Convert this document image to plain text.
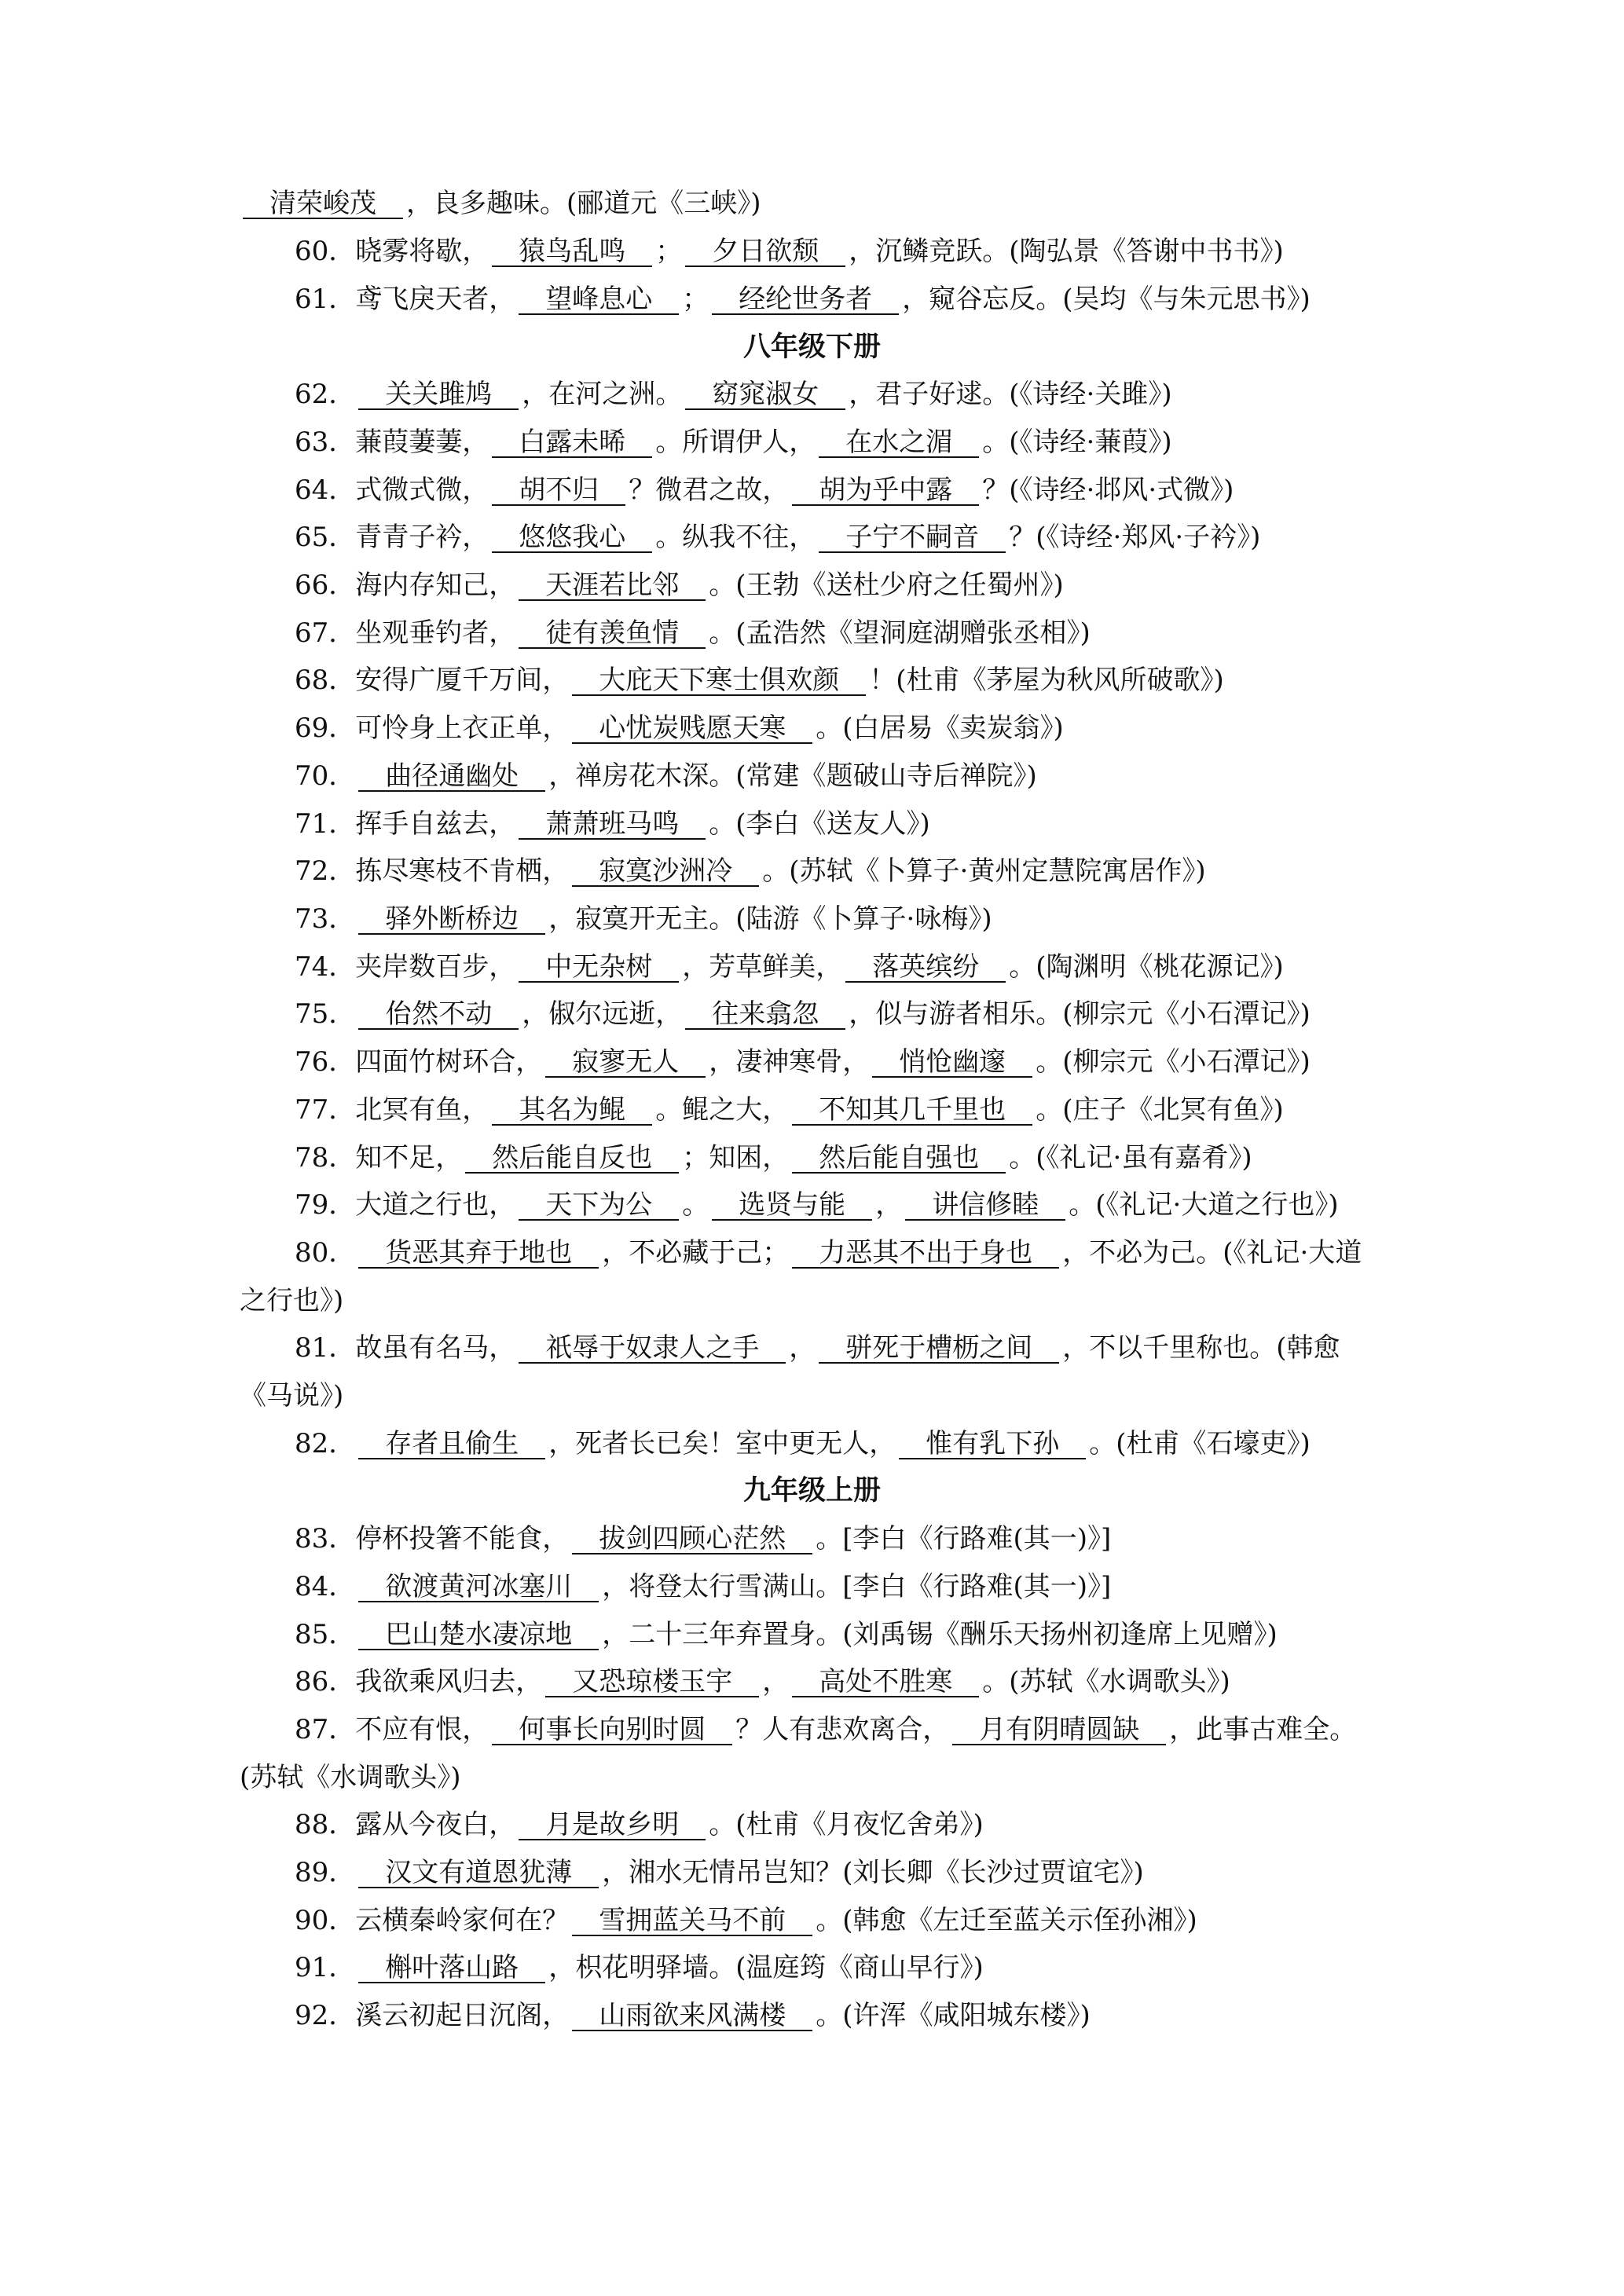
清荣峻茂 ，良多趣味。(郦道元《三峡》)
60．晓雾将歇， 猿鸟乱鸣 ； 夕日欲颓 ，沉鳞竞跃。(陶弘景《答谢中书书》)
61．鸢飞戾天者， 望峰息心 ； 经纶世务者 ，窥谷忘反。(吴均《与朱元思书》)
八年级下册
62． 关关雎鸠 ，在河之洲。 窈窕淑女 ，君子好逑。(《诗经·关雎》)
63．蒹葭萋萋， 白露未晞 。所谓伊人， 在水之湄 。(《诗经·蒹葭》)
64．式微式微， 胡不归 ？微君之故， 胡为乎中露 ？(《诗经·邶风·式微》)
65．青青子衿， 悠悠我心 。纵我不往， 子宁不嗣音 ？(《诗经·郑风·子衿》)
66．海内存知己， 天涯若比邻 。(王勃《送杜少府之任蜀州》)
67．坐观垂钓者， 徒有羡鱼情 。(孟浩然《望洞庭湖赠张丞相》)
68．安得广厦千万间， 大庇天下寒士俱欢颜 ！(杜甫《茅屋为秋风所破歌》)
69．可怜身上衣正单， 心忧炭贱愿天寒 。(白居易《卖炭翁》)
70． 曲径通幽处 ，禅房花木深。(常建《题破山寺后禅院》)
71．挥手自兹去， 萧萧班马鸣 。(李白《送友人》)
72．拣尽寒枝不肯栖， 寂寞沙洲冷 。(苏轼《卜算子·黄州定慧院寓居作》)
73． 驿外断桥边 ，寂寞开无主。(陆游《卜算子·咏梅》)
74．夹岸数百步， 中无杂树 ，芳草鲜美， 落英缤纷 。(陶渊明《桃花源记》)
75． 佁然不动 ，俶尔远逝， 往来翕忽 ，似与游者相乐。(柳宗元《小石潭记》)
76．四面竹树环合， 寂寥无人 ，凄神寒骨， 悄怆幽邃 。(柳宗元《小石潭记》)
77．北冥有鱼， 其名为鲲 。鲲之大， 不知其几千里也 。(庄子《北冥有鱼》)
78．知不足， 然后能自反也 ；知困， 然后能自强也 。(《礼记·虽有嘉肴》)
79．大道之行也， 天下为公 。 选贤与能 ， 讲信修睦 。(《礼记·大道之行也》)
80． 货恶其弃于地也 ，不必藏于己； 力恶其不出于身也 ，不必为己。(《礼记·大道
之行也》)
81．故虽有名马， 祇辱于奴隶人之手 ， 骈死于槽枥之间 ，不以千里称也。(韩愈
《马说》)
82． 存者且偷生 ，死者长已矣！室中更无人， 惟有乳下孙 。(杜甫《石壕吏》)
九年级上册
83．停杯投箸不能食， 拔剑四顾心茫然 。[李白《行路难(其一)》]
84． 欲渡黄河冰塞川 ，将登太行雪满山。[李白《行路难(其一)》]
85． 巴山楚水凄凉地 ，二十三年弃置身。(刘禹锡《酬乐天扬州初逢席上见赠》)
86．我欲乘风归去， 又恐琼楼玉宇 ， 高处不胜寒 。(苏轼《水调歌头》)
87．不应有恨， 何事长向别时圆 ？人有悲欢离合， 月有阴晴圆缺 ，此事古难全。
(苏轼《水调歌头》)
88．露从今夜白， 月是故乡明 。(杜甫《月夜忆舍弟》)
89． 汉文有道恩犹薄 ，湘水无情吊岂知？(刘长卿《长沙过贾谊宅》)
90．云横秦岭家何在？ 雪拥蓝关马不前 。(韩愈《左迁至蓝关示侄孙湘》)
91． 槲叶落山路 ，枳花明驿墙。(温庭筠《商山早行》)
92．溪云初起日沉阁， 山雨欲来风满楼 。(许浑《咸阳城东楼》)
